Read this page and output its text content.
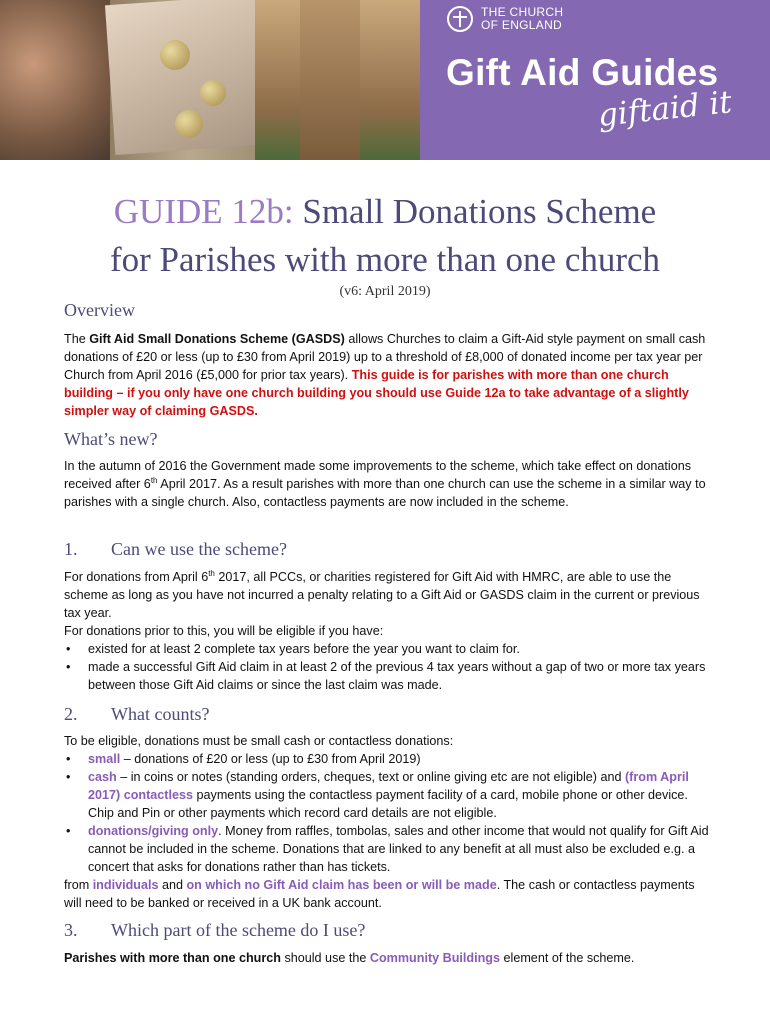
THE CHURCH
OF ENGLAND
Gift Aid Guides
giftaid it
GUIDE 12b: Small Donations Scheme
for Parishes with more than one church
(v6: April 2019)
Overview
The Gift Aid Small Donations Scheme (GASDS) allows Churches to claim a Gift-Aid style payment on small cash donations of £20 or less (up to £30 from April 2019) up to a threshold of £8,000 of donated income per tax year per Church from April 2016 (£5,000 for prior tax years). This guide is for parishes with more than one church building – if you only have one church building you should use Guide 12a to take advantage of a slightly simpler way of claiming GASDS.
What’s new?
In the autumn of 2016 the Government made some improvements to the scheme, which take effect on donations received after 6th April 2017. As a result parishes with more than one church can use the scheme in a similar way to parishes with a single church. Also, contactless payments are now included in the scheme.
1. Can we use the scheme?

For donations from April 6th 2017, all PCCs, or charities registered for Gift Aid with HMRC, are able to use the scheme as long as you have not incurred a penalty relating to a Gift Aid or GASDS claim in the current or previous tax year.

For donations prior to this, you will be eligible if you have:

• existed for at least 2 complete tax years before the year you want to claim for.
• made a successful Gift Aid claim in at least 2 of the previous 4 tax years without a gap of two or more tax years between those Gift Aid claims or since the last claim was made.
2. What counts?

To be eligible, donations must be small cash or contactless donations:

• small – donations of £20 or less (up to £30 from April 2019)
• cash – in coins or notes (standing orders, cheques, text or online giving etc are not eligible) and (from April 2017) contactless payments using the contactless payment facility of a card, mobile phone or other device. Chip and Pin or other payments which record card details are not eligible.
• donations/giving only. Money from raffles, tombolas, sales and other income that would not qualify for Gift Aid cannot be included in the scheme. Donations that are linked to any benefit at all must also be excluded e.g. a concert that asks for donations rather than has tickets.

from individuals and on which no Gift Aid claim has been or will be made. The cash or contactless payments will need to be banked or received in a UK bank account.

3. Which part of the scheme do I use?
Parishes with more than one church should use the Community Buildings element of the scheme.
